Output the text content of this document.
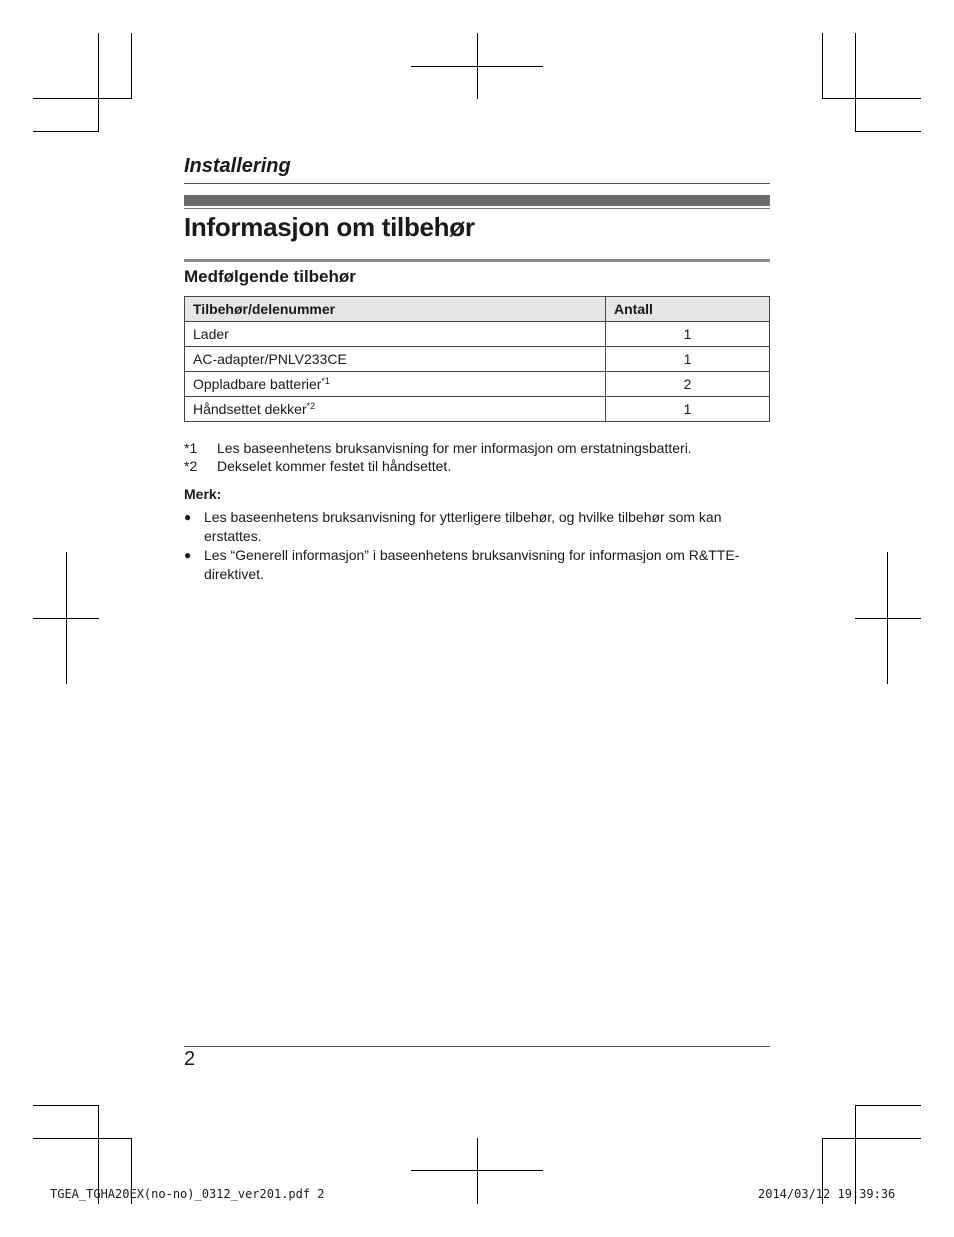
Installering
Informasjon om tilbehør
Medfølgende tilbehør
Tilbehør/delenummer	Antall
Lader	1
AC-adapter/PNLV233CE	1
Oppladbare batterier$^{*1}$	2
Håndsettet dekker$^{*2}$	1
*1	Les baseenhetens bruksanvisning for mer informasjon om erstatningsbatteri.
*2	Dekselet kommer festet til håndsettet.
Merk:
● Les baseenhetens bruksanvisning for ytterligere tilbehør, og hvilke tilbehør som kan erstattes.
● Les “Generell informasjon” i baseenhetens bruksanvisning for informasjon om R&TTE-direktivet.
2
TGEA_TGHA20EX(no-no)_0312_ver201.pdf 2	2014/03/12 19:39:36
